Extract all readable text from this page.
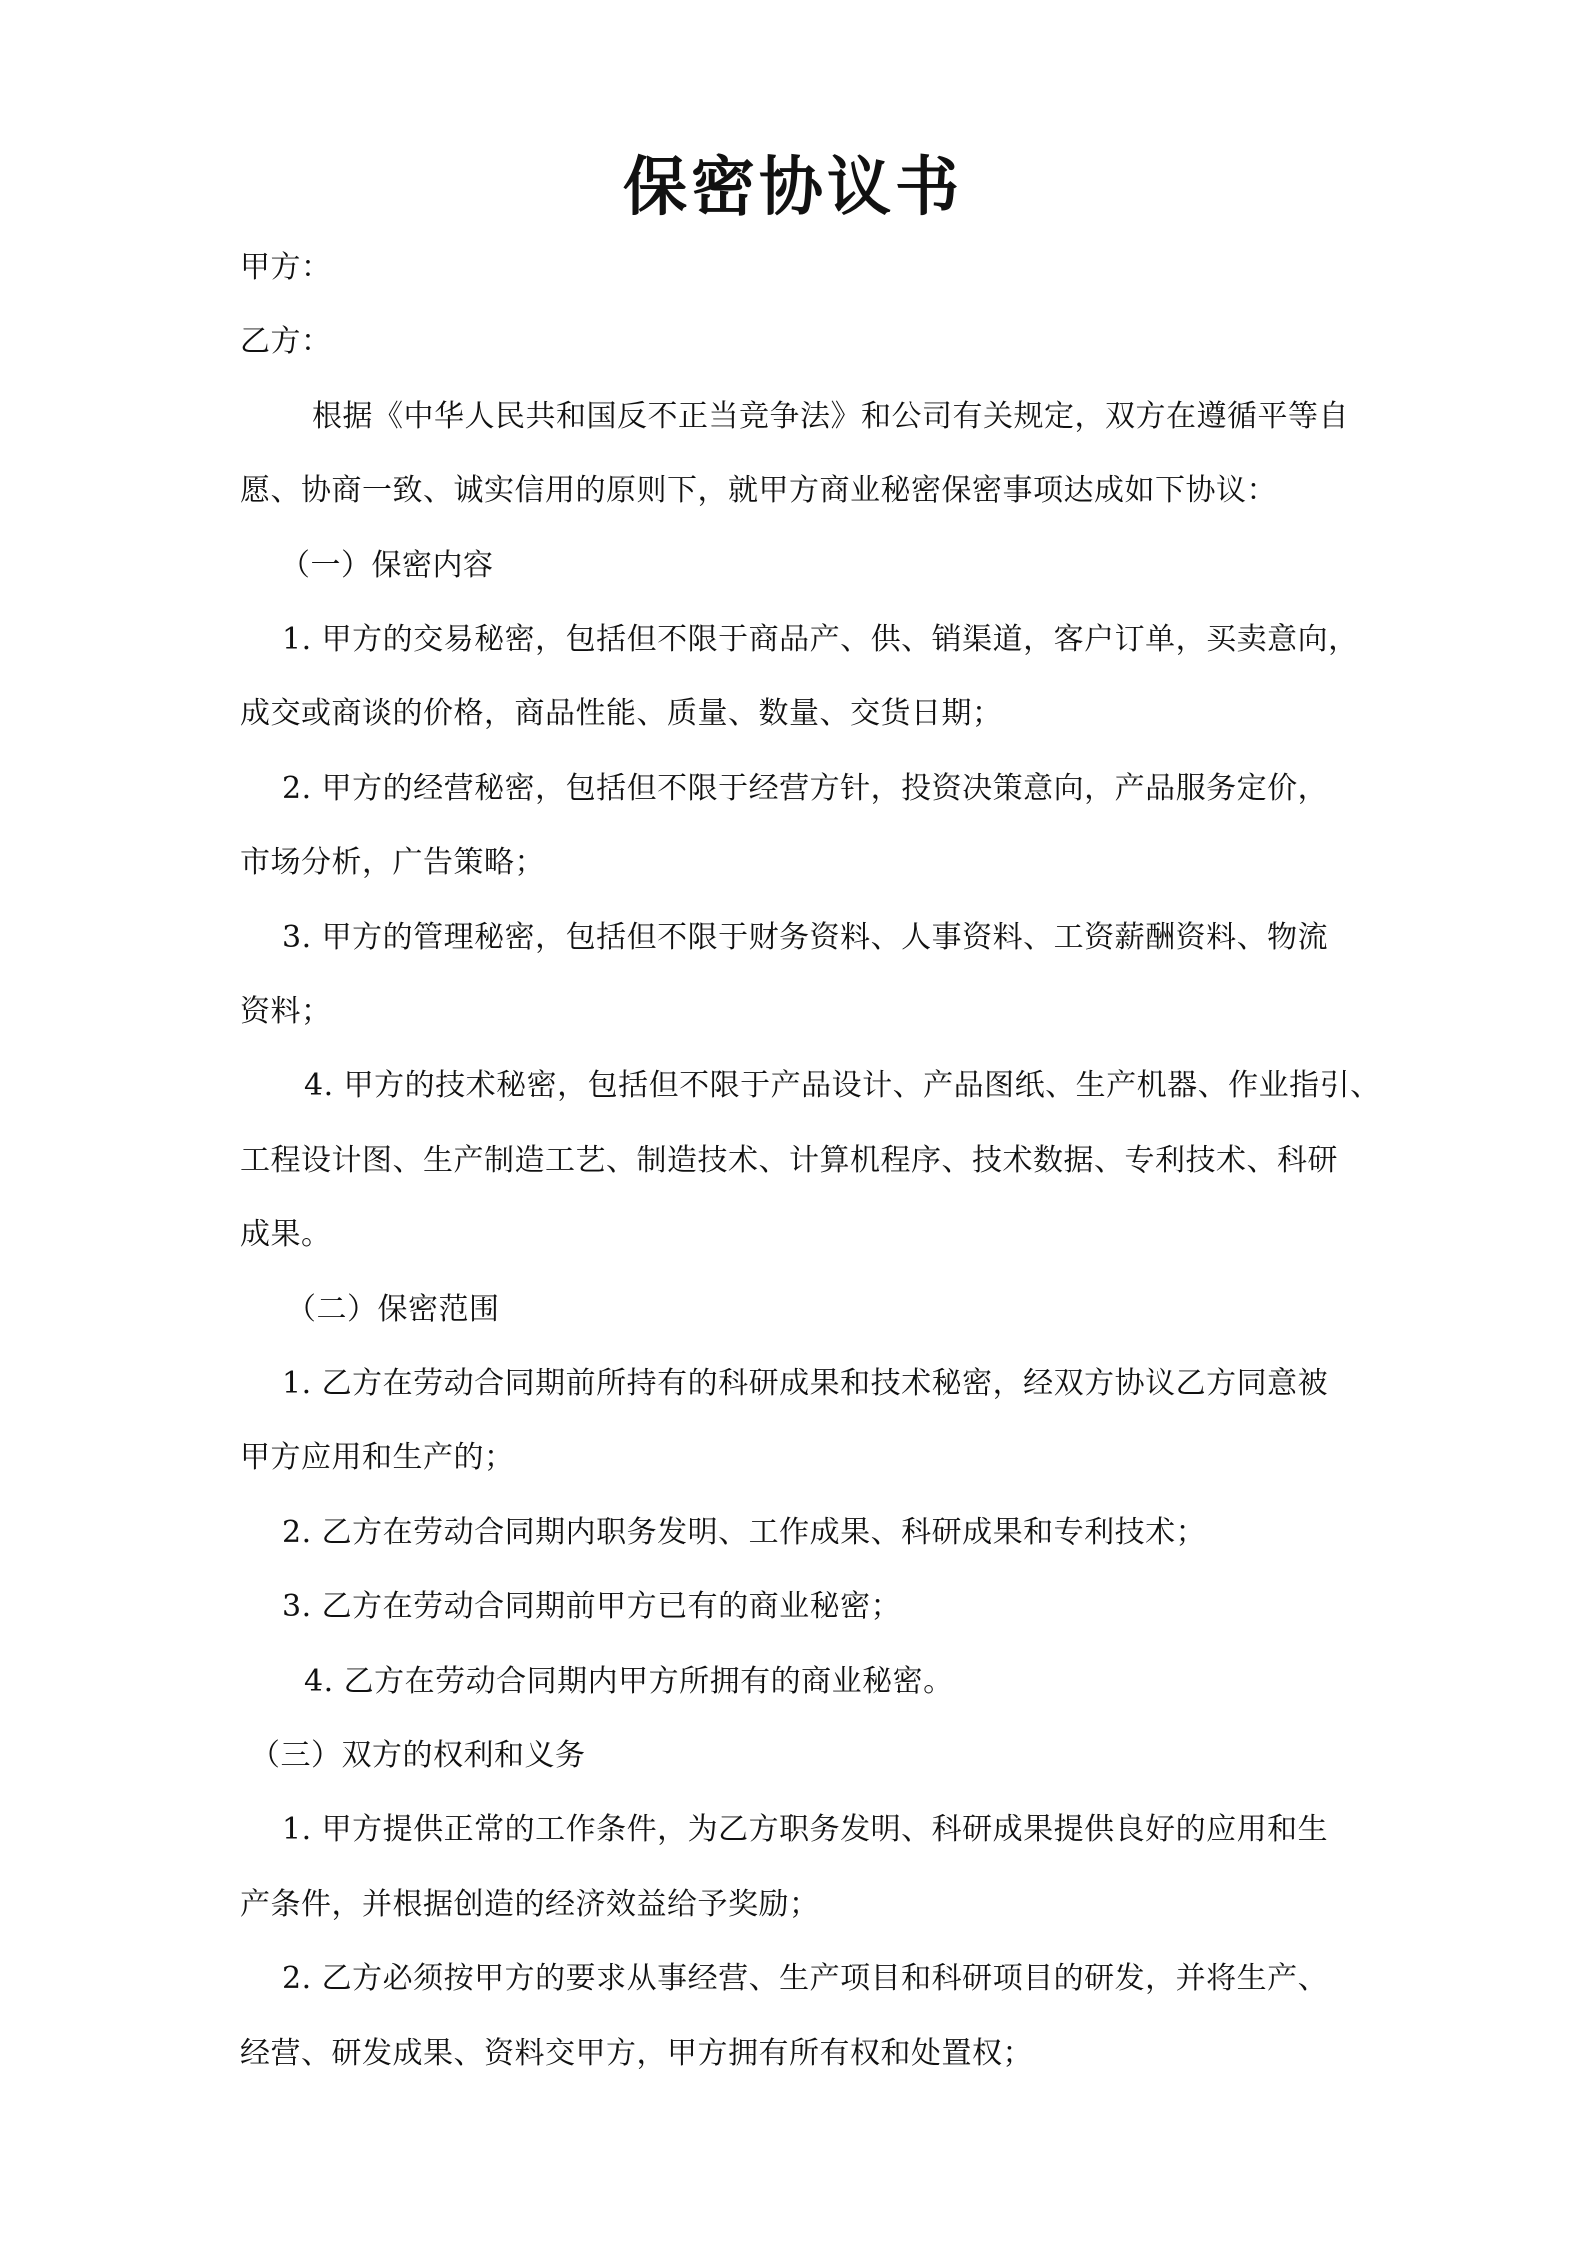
保密协议书
甲方：
乙方：
根据《中华人民共和国反不正当竞争法》和公司有关规定，双方在遵循平等自
愿、协商一致、诚实信用的原则下，就甲方商业秘密保密事项达成如下协议：
（一）保密内容
1. 甲方的交易秘密，包括但不限于商品产、供、销渠道，客户订单，买卖意向，
成交或商谈的价格，商品性能、质量、数量、交货日期；
2. 甲方的经营秘密，包括但不限于经营方针，投资决策意向，产品服务定价，
市场分析，广告策略；
3. 甲方的管理秘密，包括但不限于财务资料、人事资料、工资薪酬资料、物流
资料；
4. 甲方的技术秘密，包括但不限于产品设计、产品图纸、生产机器、作业指引、
工程设计图、生产制造工艺、制造技术、计算机程序、技术数据、专利技术、科研
成果。
（二）保密范围
1. 乙方在劳动合同期前所持有的科研成果和技术秘密，经双方协议乙方同意被
甲方应用和生产的；
2. 乙方在劳动合同期内职务发明、工作成果、科研成果和专利技术；
3. 乙方在劳动合同期前甲方已有的商业秘密；
4. 乙方在劳动合同期内甲方所拥有的商业秘密。
（三）双方的权利和义务
1. 甲方提供正常的工作条件，为乙方职务发明、科研成果提供良好的应用和生
产条件，并根据创造的经济效益给予奖励；
2. 乙方必须按甲方的要求从事经营、生产项目和科研项目的研发，并将生产、
经营、研发成果、资料交甲方，甲方拥有所有权和处置权；
